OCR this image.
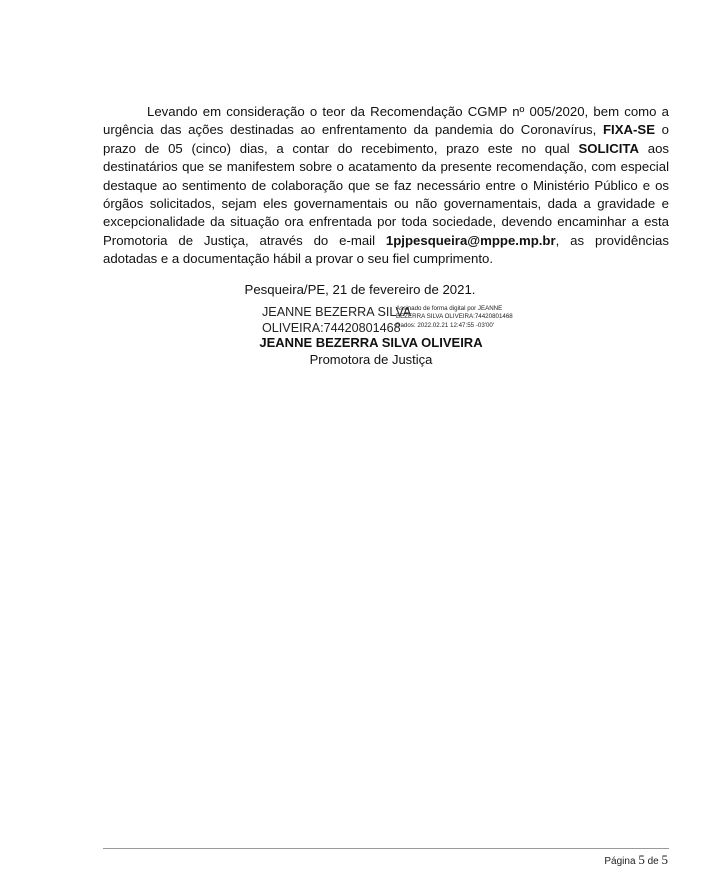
Levando em consideração o teor da Recomendação CGMP nº 005/2020, bem como a urgência das ações destinadas ao enfrentamento da pandemia do Coronavírus, FIXA-SE o prazo de 05 (cinco) dias, a contar do recebimento, prazo este no qual SOLICITA aos destinatários que se manifestem sobre o acatamento da presente recomendação, com especial destaque ao sentimento de colaboração que se faz necessário entre o Ministério Público e os órgãos solicitados, sejam eles governamentais ou não governamentais, dada a gravidade e excepcionalidade da situação ora enfrentada por toda sociedade, devendo encaminhar a esta Promotoria de Justiça, através do e-mail 1pjpesqueira@mppe.mp.br, as providências adotadas e a documentação hábil a provar o seu fiel cumprimento.

Pesqueira/PE, 21 de fevereiro de 2021.
JEANNE BEZERRA SILVA
OLIVEIRA:74420801468
Assinado de forma digital por JEANNE
BEZERRA SILVA OLIVEIRA:74420801468
Dados: 2022.02.21 12:47:55 -03'00'
JEANNE BEZERRA SILVA OLIVEIRA
Promotora de Justiça
Página 5 de 5
